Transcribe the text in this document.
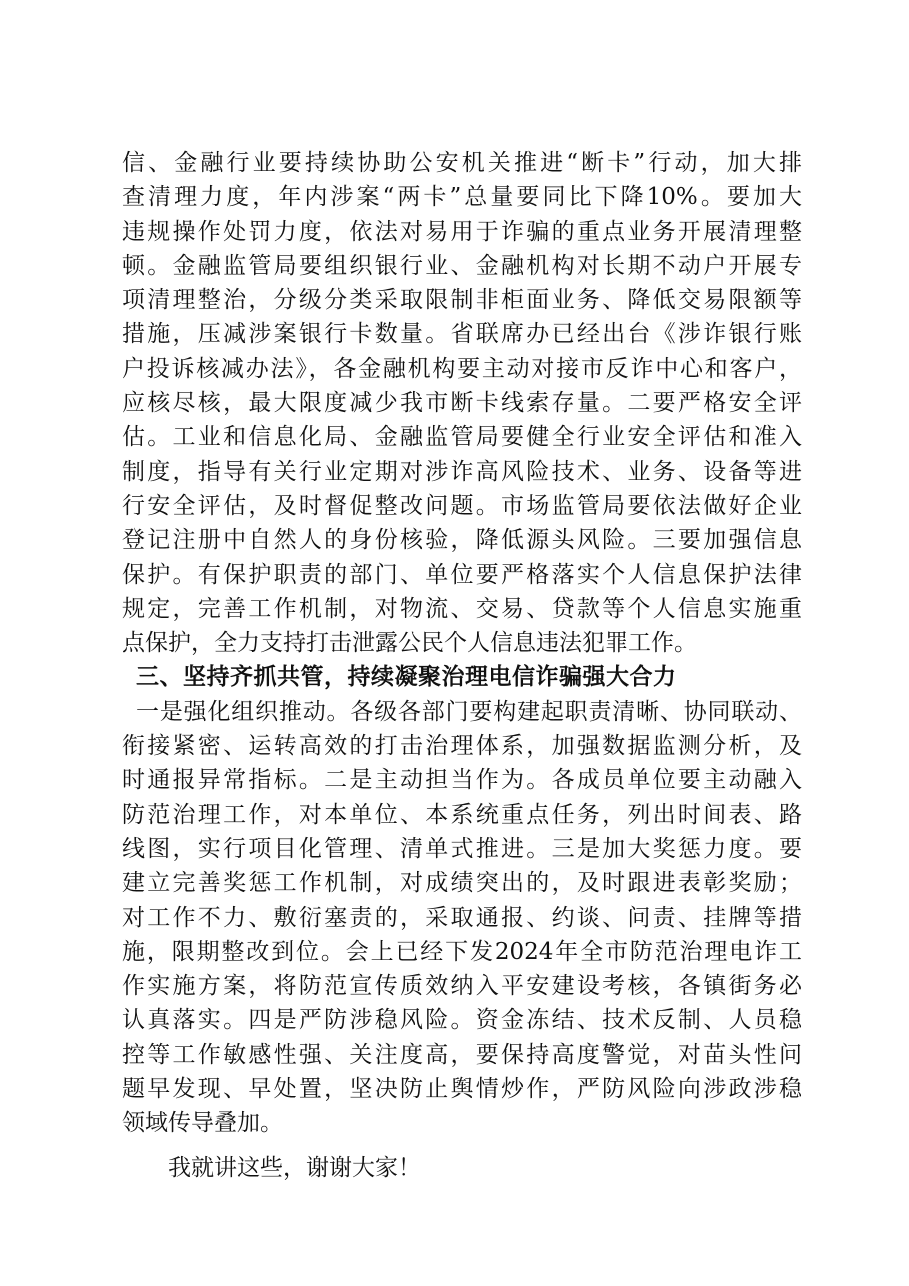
信、金融行业要持续协助公安机关推进“断卡”行动，加大排
查清理力度，年内涉案“两卡”总量要同比下降10%。要加大
违规操作处罚力度，依法对易用于诈骗的重点业务开展清理整
顿。金融监管局要组织银行业、金融机构对长期不动户开展专
项清理整治，分级分类采取限制非柜面业务、降低交易限额等
措施，压减涉案银行卡数量。省联席办已经出台《涉诈银行账
户投诉核减办法》，各金融机构要主动对接市反诈中心和客户，
应核尽核，最大限度减少我市断卡线索存量。二要严格安全评
估。工业和信息化局、金融监管局要健全行业安全评估和准入
制度，指导有关行业定期对涉诈高风险技术、业务、设备等进
行安全评估，及时督促整改问题。市场监管局要依法做好企业
登记注册中自然人的身份核验，降低源头风险。三要加强信息
保护。有保护职责的部门、单位要严格落实个人信息保护法律
规定，完善工作机制，对物流、交易、贷款等个人信息实施重
点保护，全力支持打击泄露公民个人信息违法犯罪工作。
三、坚持齐抓共管，持续凝聚治理电信诈骗强大合力
一是强化组织推动。各级各部门要构建起职责清晰、协同联动、
衔接紧密、运转高效的打击治理体系，加强数据监测分析，及
时通报异常指标。二是主动担当作为。各成员单位要主动融入
防范治理工作，对本单位、本系统重点任务，列出时间表、路
线图，实行项目化管理、清单式推进。三是加大奖惩力度。要
建立完善奖惩工作机制，对成绩突出的，及时跟进表彰奖励；
对工作不力、敷衍塞责的，采取通报、约谈、问责、挂牌等措
施，限期整改到位。会上已经下发2024年全市防范治理电诈工
作实施方案，将防范宣传质效纳入平安建设考核，各镇街务必
认真落实。四是严防涉稳风险。资金冻结、技术反制、人员稳
控等工作敏感性强、关注度高，要保持高度警觉，对苗头性问
题早发现、早处置，坚决防止舆情炒作，严防风险向涉政涉稳
领域传导叠加。
我就讲这些，谢谢大家！
